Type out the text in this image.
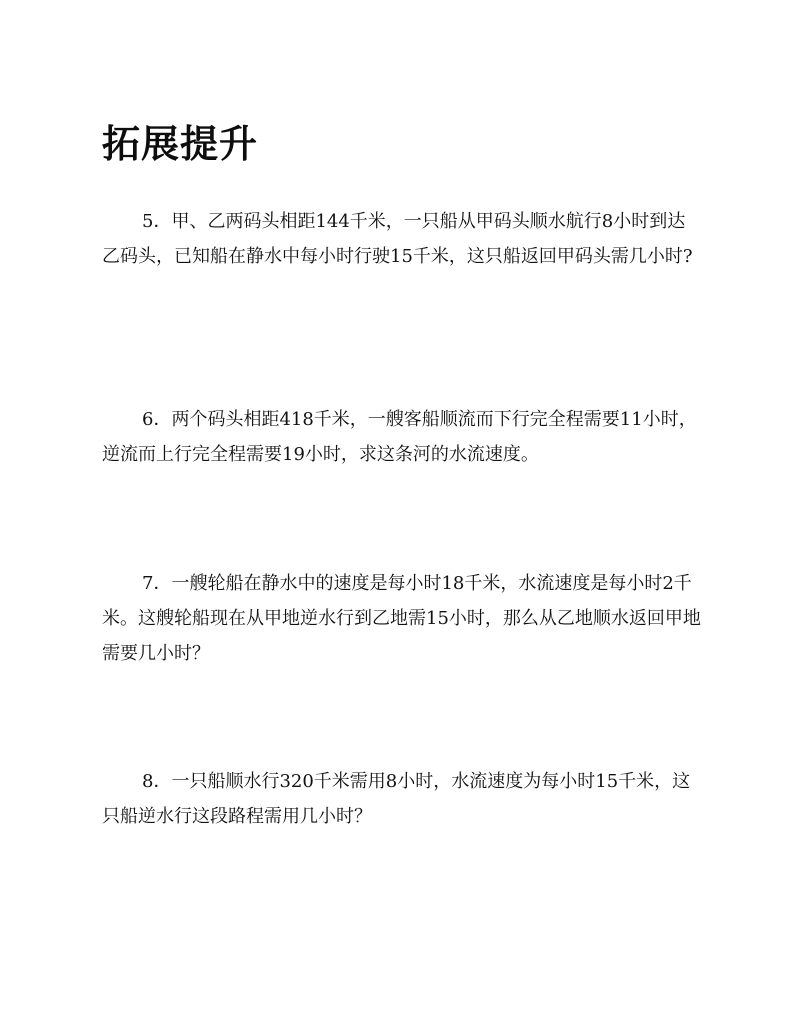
拓展提升

5．甲、乙两码头相距144千米，一只船从甲码头顺水航行8小时到达乙码头，已知船在静水中每小时行驶15千米，这只船返回甲码头需几小时?

6．两个码头相距418千米，一艘客船顺流而下行完全程需要11小时，逆流而上行完全程需要19小时，求这条河的水流速度。

7．一艘轮船在静水中的速度是每小时18千米，水流速度是每小时2千米。这艘轮船现在从甲地逆水行到乙地需15小时，那么从乙地顺水返回甲地需要几小时？

8．一只船顺水行320千米需用8小时，水流速度为每小时15千米，这只船逆水行这段路程需用几小时？
